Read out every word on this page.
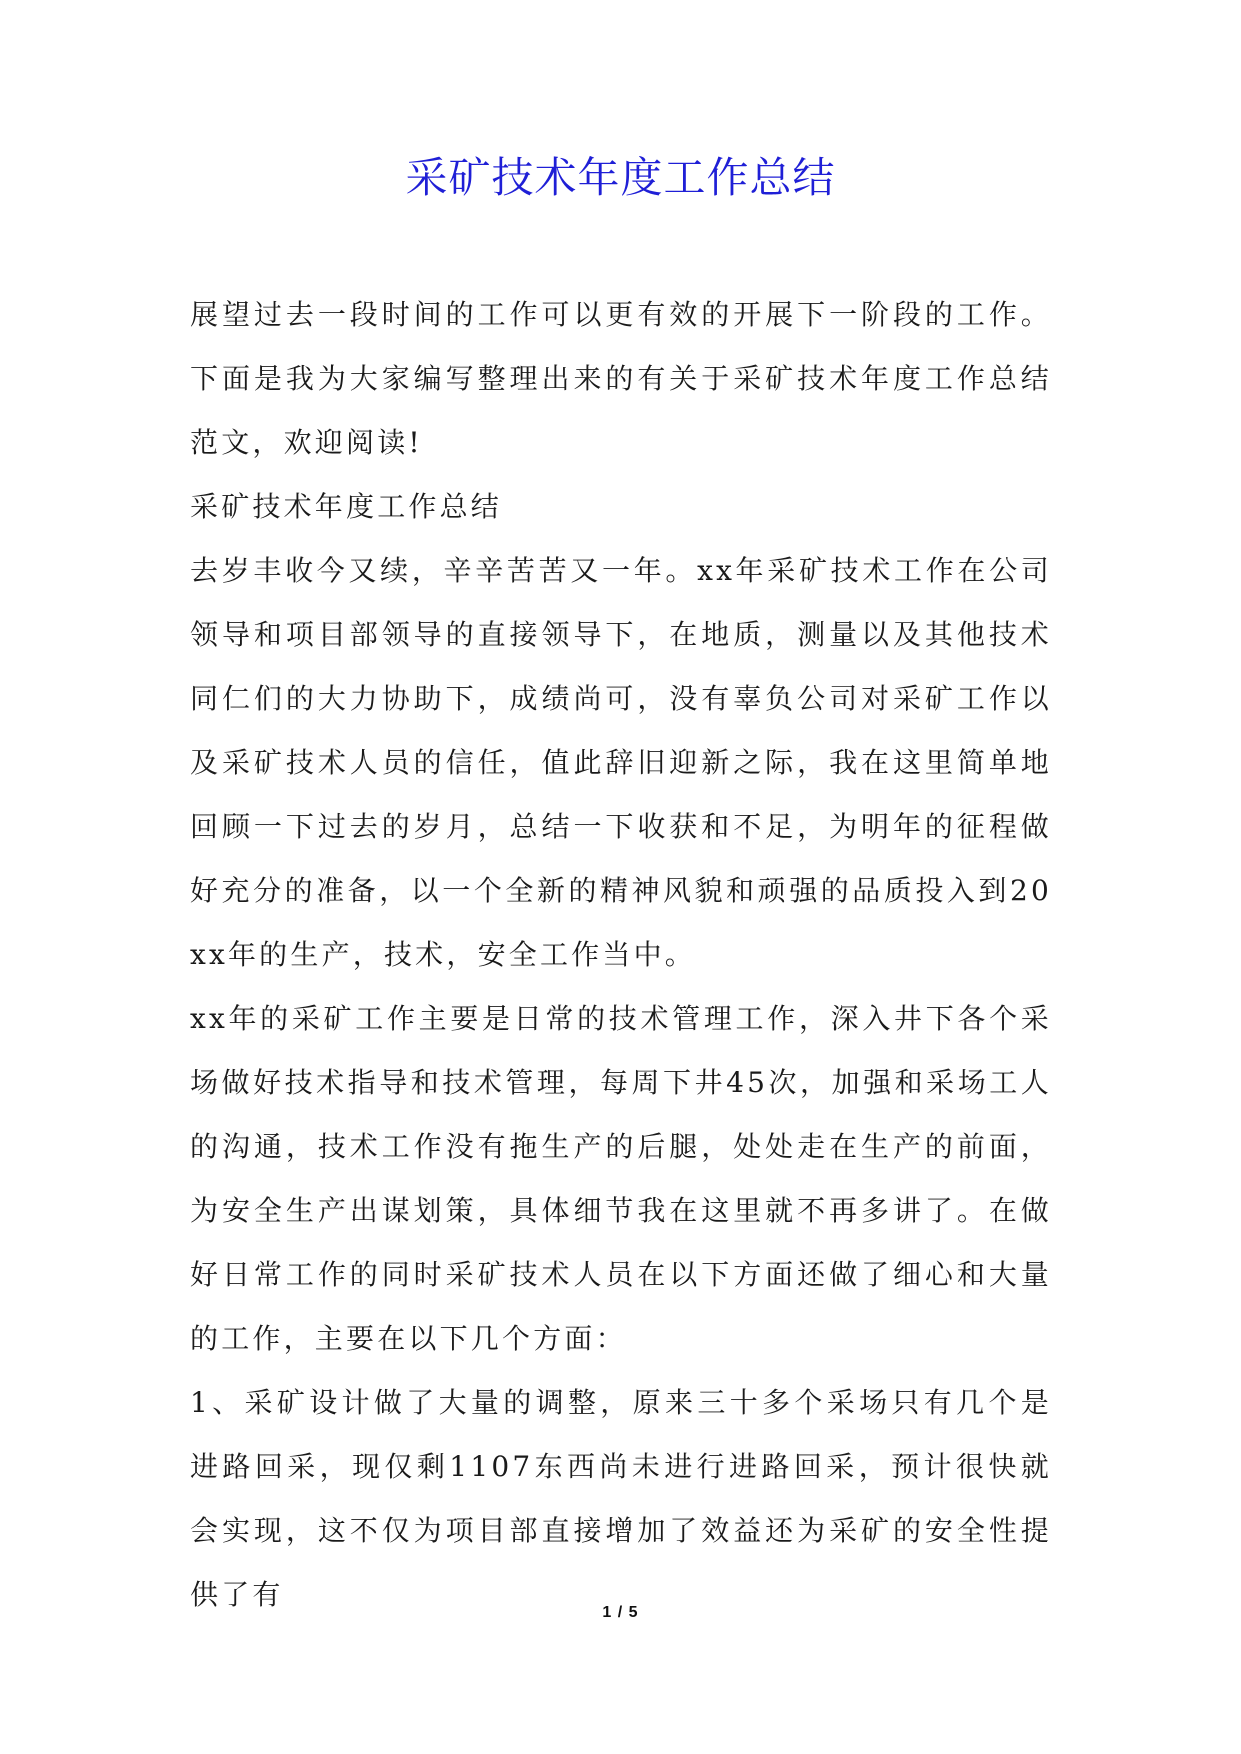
采矿技术年度工作总结

展望过去一段时间的工作可以更有效的开展下一阶段的工作。下面是我为大家编写整理出来的有关于采矿技术年度工作总结范文，欢迎阅读!

采矿技术年度工作总结

去岁丰收今又续，辛辛苦苦又一年。xx年采矿技术工作在公司领导和项目部领导的直接领导下，在地质，测量以及其他技术同仁们的大力协助下，成绩尚可，没有辜负公司对采矿工作以及采矿技术人员的信任，值此辞旧迎新之际，我在这里简单地回顾一下过去的岁月，总结一下收获和不足，为明年的征程做好充分的准备，以一个全新的精神风貌和顽强的品质投入到20xx年的生产，技术，安全工作当中。

xx年的采矿工作主要是日常的技术管理工作，深入井下各个采场做好技术指导和技术管理，每周下井45次，加强和采场工人的沟通，技术工作没有拖生产的后腿，处处走在生产的前面，为安全生产出谋划策，具体细节我在这里就不再多讲了。在做好日常工作的同时采矿技术人员在以下方面还做了细心和大量的工作，主要在以下几个方面：

1、采矿设计做了大量的调整，原来三十多个采场只有几个是进路回采，现仅剩1107东西尚未进行进路回采，预计很快就会实现，这不仅为项目部直接增加了效益还为采矿的安全性提供了有

1 / 5
